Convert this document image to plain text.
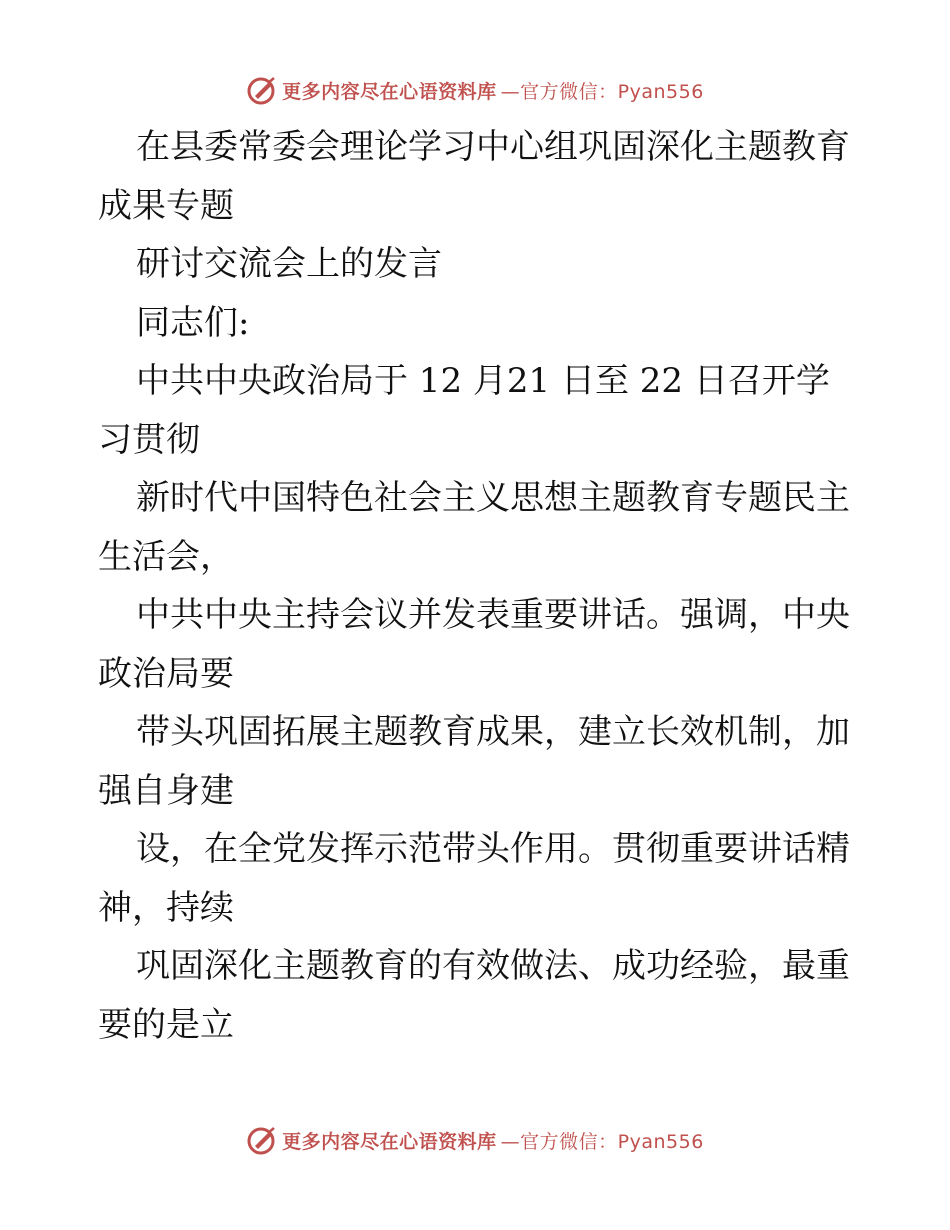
更多内容尽在心语资料库 —官方微信：Pyan556
在县委常委会理论学习中心组巩固深化主题教育
成果专题
研讨交流会上的发言
同志们:
中共中央政治局于 12 月21 日至 22 日召开学
习贯彻
新时代中国特色社会主义思想主题教育专题民主
生活会，
中共中央主持会议并发表重要讲话。强调，中央
政治局要
带头巩固拓展主题教育成果，建立长效机制，加
强自身建
设，在全党发挥示范带头作用。贯彻重要讲话精
神，持续
巩固深化主题教育的有效做法、成功经验，最重
要的是立
更多内容尽在心语资料库 —官方微信：Pyan556
